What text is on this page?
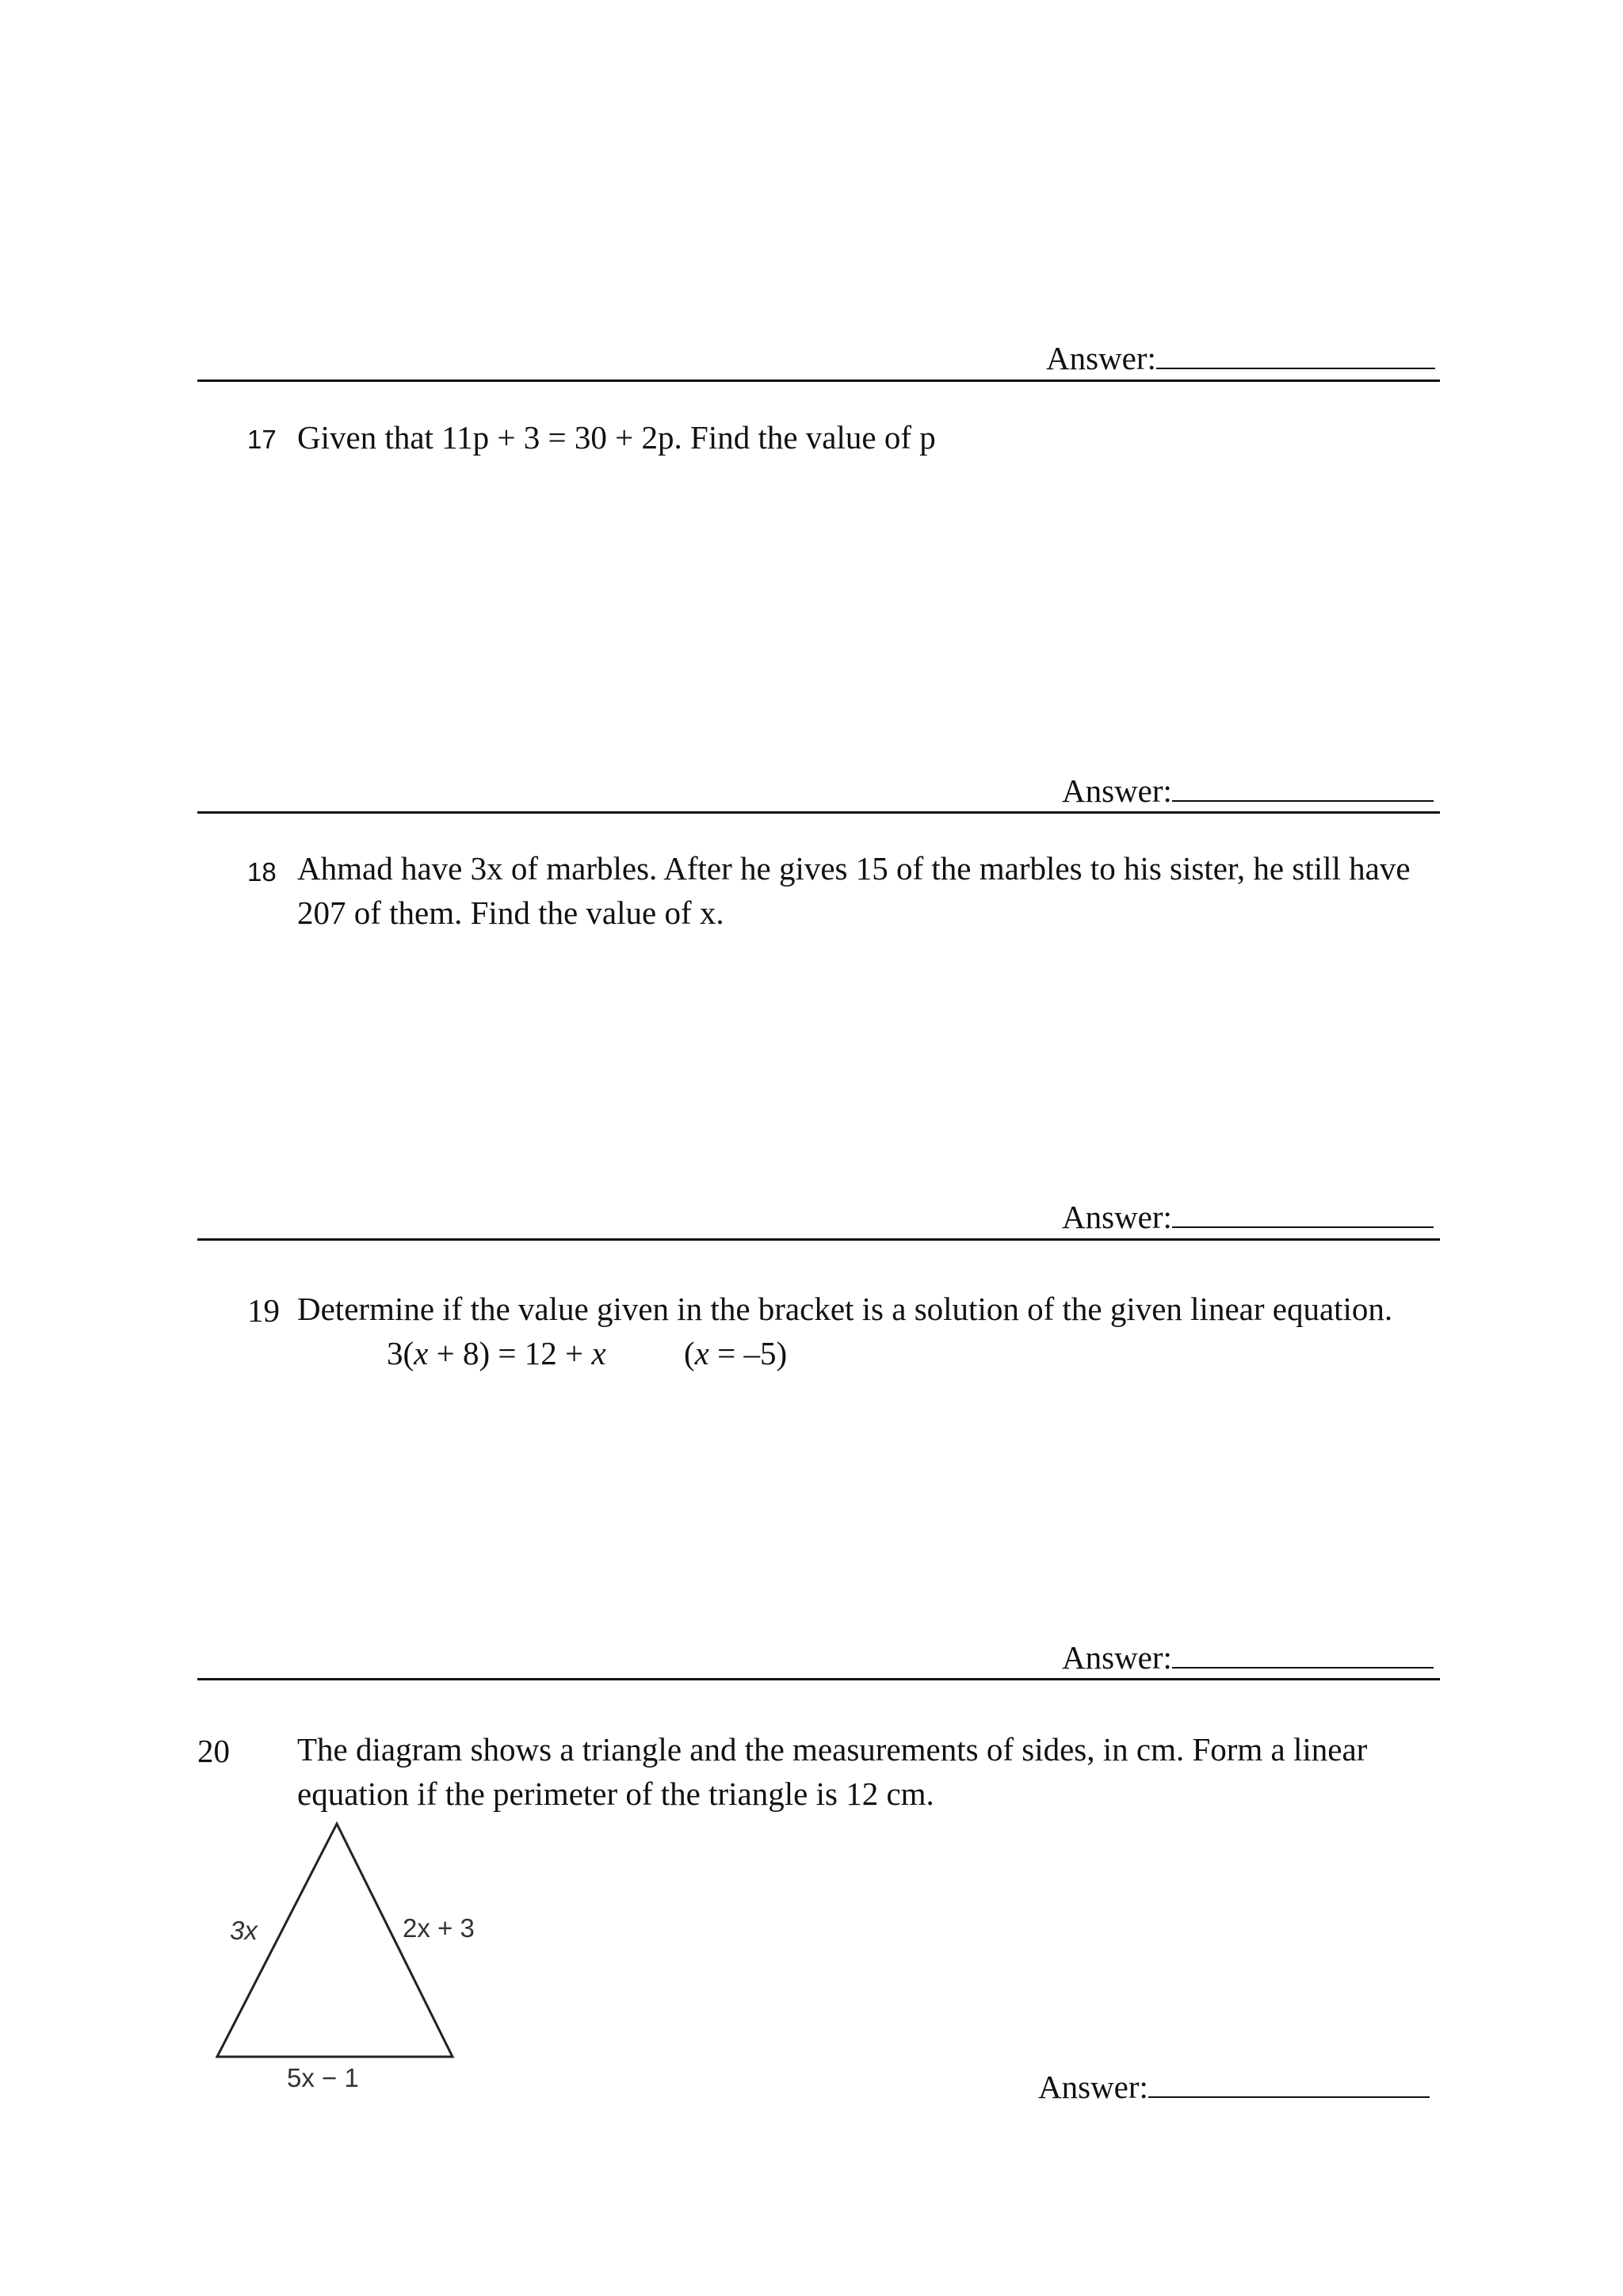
Answer:
17 Given that 11p + 3 = 30 + 2p. Find the value of p
Answer:
18 Ahmad have 3x of marbles. After he gives 15 of the marbles to his sister, he still have
207 of them. Find the value of x.
Answer:
19 Determine if the value given in the bracket is a solution of the given linear equation.
3(x + 8) = 12 + x (x = –5)
Answer:
20 The diagram shows a triangle and the measurements of sides, in cm. Form a linear
equation if the perimeter of the triangle is 12 cm.
3x	2x + 3
5x − 1	Answer:
